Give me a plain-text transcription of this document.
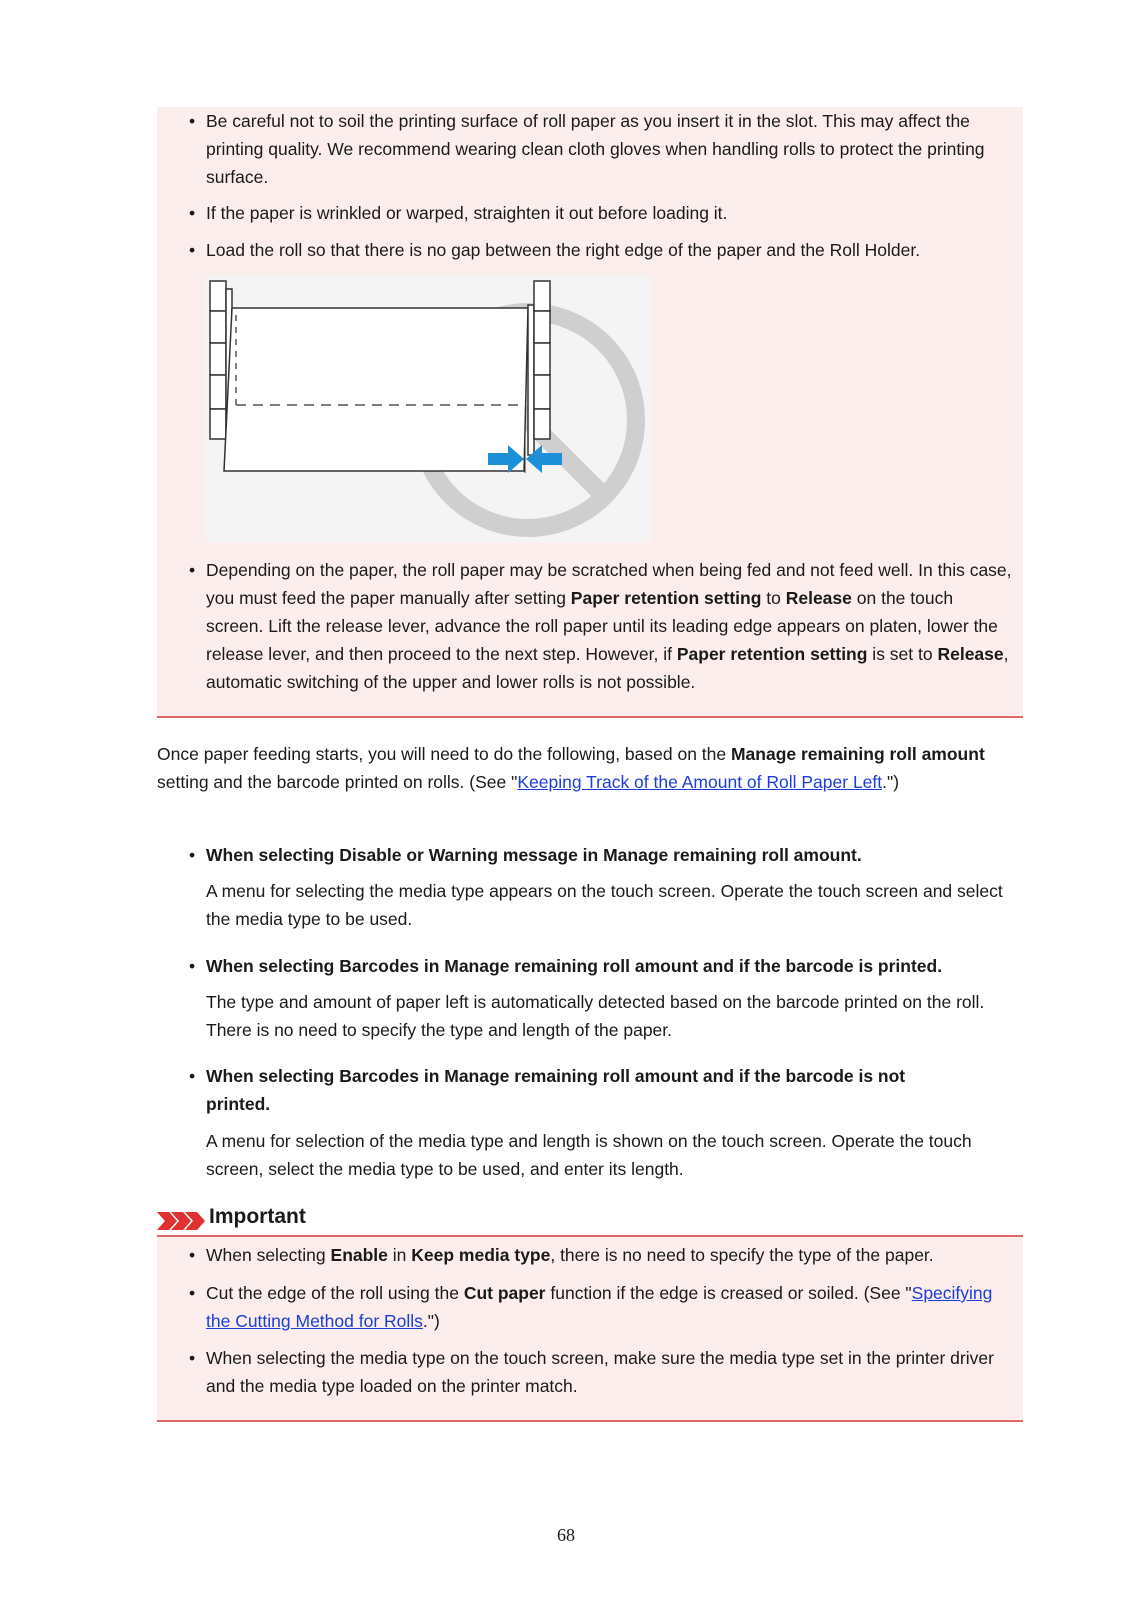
• Be careful not to soil the printing surface of roll paper as you insert it in the slot. This may affect the printing quality. We recommend wearing clean cloth gloves when handling rolls to protect the printing surface.
• If the paper is wrinkled or warped, straighten it out before loading it.
• Load the roll so that there is no gap between the right edge of the paper and the Roll Holder.
• Depending on the paper, the roll paper may be scratched when being fed and not feed well. In this case, you must feed the paper manually after setting Paper retention setting to Release on the touch screen. Lift the release lever, advance the roll paper until its leading edge appears on platen, lower the release lever, and then proceed to the next step. However, if Paper retention setting is set to Release, automatic switching of the upper and lower rolls is not possible.
Once paper feeding starts, you will need to do the following, based on the Manage remaining roll amount setting and the barcode printed on rolls. (See "Keeping Track of the Amount of Roll Paper Left.")
• When selecting Disable or Warning message in Manage remaining roll amount.
A menu for selecting the media type appears on the touch screen. Operate the touch screen and select the media type to be used.
• When selecting Barcodes in Manage remaining roll amount and if the barcode is printed.
The type and amount of paper left is automatically detected based on the barcode printed on the roll. There is no need to specify the type and length of the paper.
• When selecting Barcodes in Manage remaining roll amount and if the barcode is not printed.
A menu for selection of the media type and length is shown on the touch screen. Operate the touch screen, select the media type to be used, and enter its length.
Important
• When selecting Enable in Keep media type, there is no need to specify the type of the paper.
• Cut the edge of the roll using the Cut paper function if the edge is creased or soiled. (See "Specifying the Cutting Method for Rolls.")
• When selecting the media type on the touch screen, make sure the media type set in the printer driver and the media type loaded on the printer match.
68
